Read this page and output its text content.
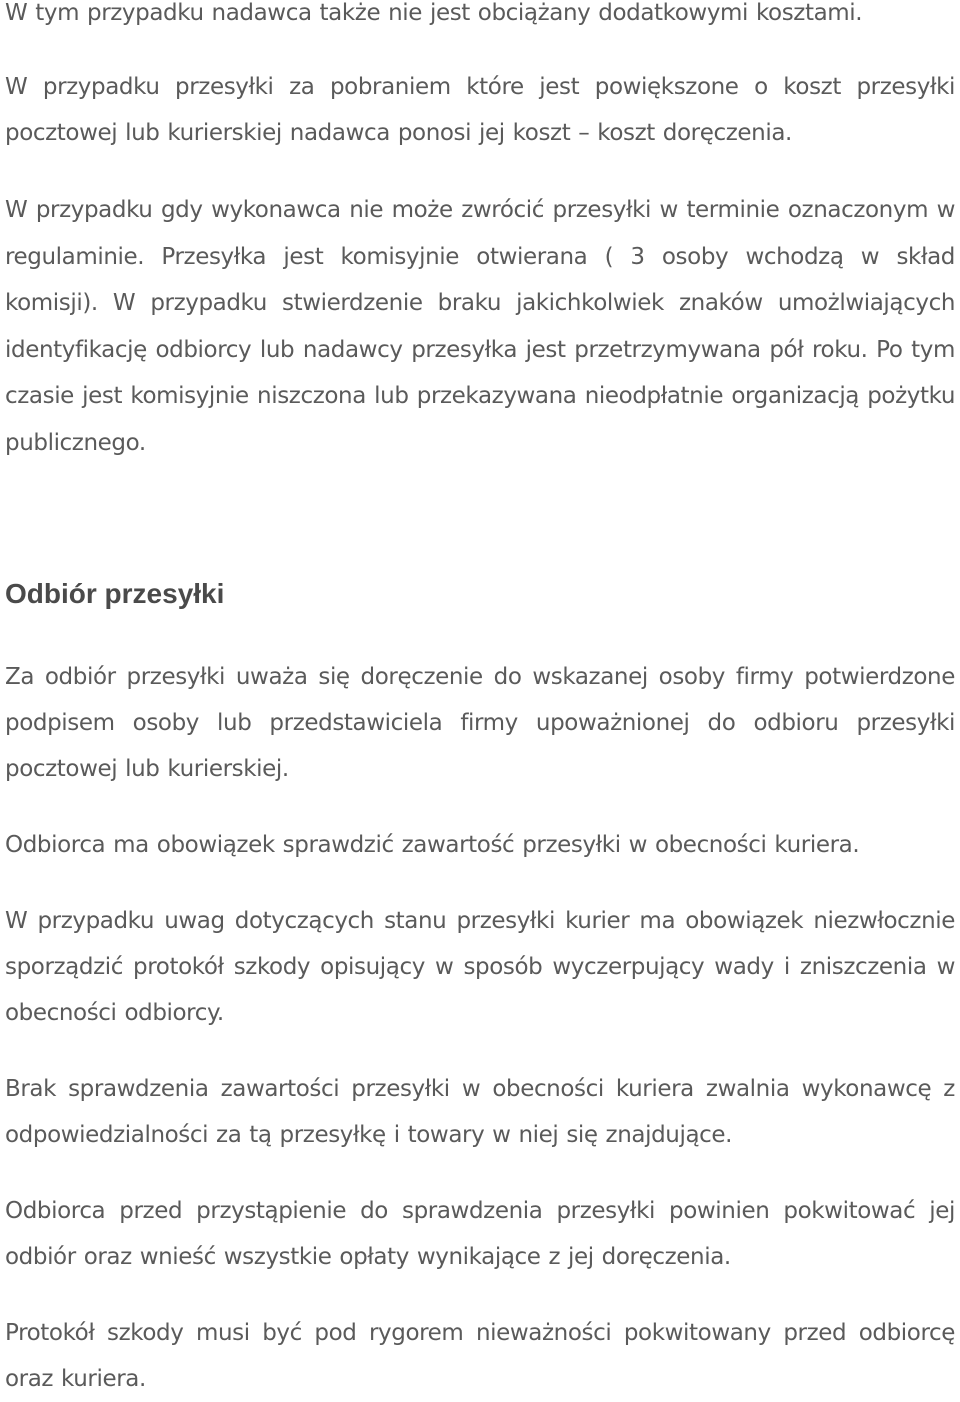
W tym przypadku nadawca także nie jest obciążany dodatkowymi kosztami.

W przypadku przesyłki za pobraniem które jest powiększone o koszt przesyłki pocztowej lub kurierskiej nadawca ponosi jej koszt – koszt doręczenia.

W przypadku gdy wykonawca nie może zwrócić przesyłki w terminie oznaczonym w regulaminie. Przesyłka jest komisyjnie otwierana ( 3 osoby wchodzą w skład komisji). W przypadku stwierdzenie braku jakichkolwiek znaków umożlwiających identyfikację odbiorcy lub nadawcy przesyłka jest przetrzymywana pół roku. Po tym czasie jest komisyjnie niszczona lub przekazywana nieodpłatnie organizacją pożytku publicznego.

Odbiór przesyłki

Za odbiór przesyłki uważa się doręczenie do wskazanej osoby firmy potwierdzone podpisem osoby lub przedstawiciela firmy upoważnionej do odbioru przesyłki pocztowej lub kurierskiej.

Odbiorca ma obowiązek sprawdzić zawartość przesyłki w obecności kuriera.

W przypadku uwag dotyczących stanu przesyłki kurier ma obowiązek niezwłocznie sporządzić protokół szkody opisujący w sposób wyczerpujący wady i zniszczenia w obecności odbiorcy.

Brak sprawdzenia zawartości przesyłki w obecności kuriera zwalnia wykonawcę z odpowiedzialności za tą przesyłkę i towary w niej się znajdujące.

Odbiorca przed przystąpienie do sprawdzenia przesyłki powinien pokwitować jej odbiór oraz wnieść wszystkie opłaty wynikające z jej doręczenia.

Protokół szkody musi być pod rygorem nieważności pokwitowany przed odbiorcę oraz kuriera.
